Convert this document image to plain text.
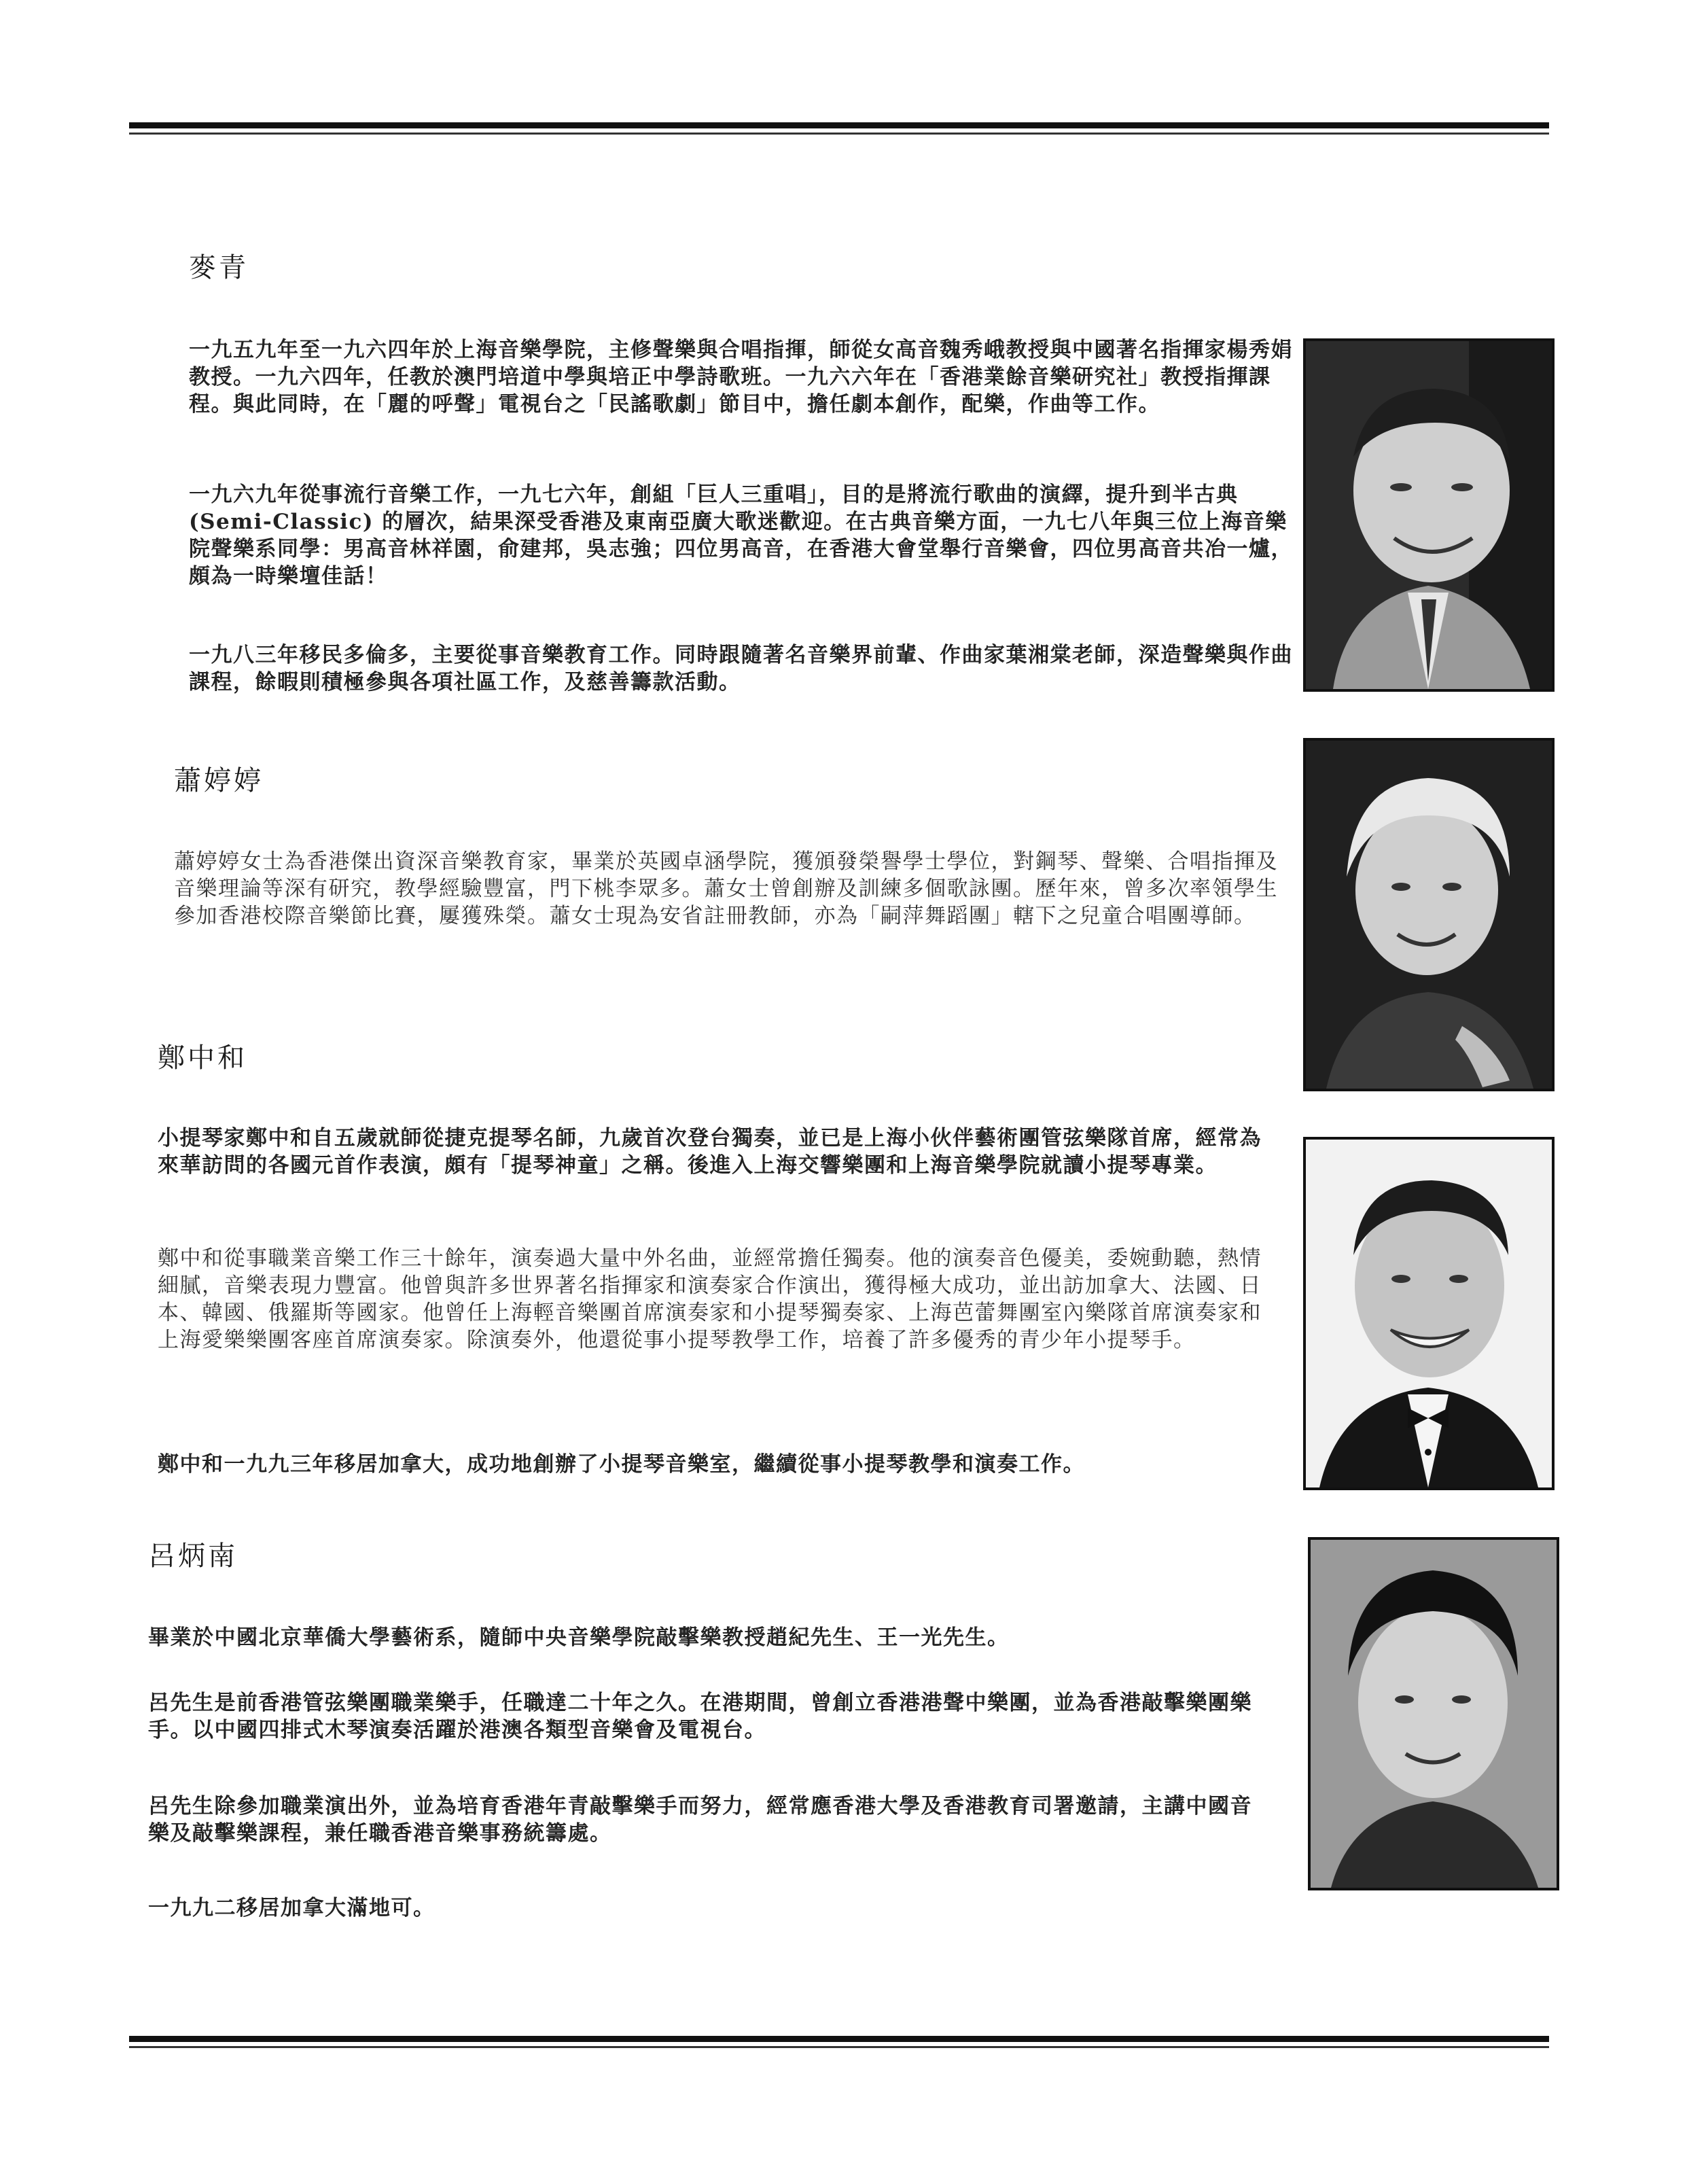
麥青

一九五九年至一九六四年於上海音樂學院，主修聲樂與合唱指揮，師從女高音魏秀峨教授與中國著名指揮家楊秀娟教授。一九六四年，任教於澳門培道中學與培正中學詩歌班。一九六六年在「香港業餘音樂研究社」教授指揮課程。與此同時，在「麗的呼聲」電視台之「民謠歌劇」節目中，擔任劇本創作，配樂，作曲等工作。

一九六九年從事流行音樂工作，一九七六年，創組「巨人三重唱」，目的是將流行歌曲的演繹，提升到半古典(Semi-Classic) 的層次，結果深受香港及東南亞廣大歌迷歡迎。在古典音樂方面，一九七八年與三位上海音樂院聲樂系同學：男高音林祥園，俞建邦，吳志強；四位男高音，在香港大會堂舉行音樂會，四位男高音共冶一爐，頗為一時樂壇佳話！

一九八三年移民多倫多，主要從事音樂教育工作。同時跟隨著名音樂界前輩、作曲家葉湘棠老師，深造聲樂與作曲課程，餘暇則積極參與各項社區工作，及慈善籌款活動。

蕭婷婷

蕭婷婷女士為香港傑出資深音樂教育家，畢業於英國卓涵學院，獲頒發榮譽學士學位，對鋼琴、聲樂、合唱指揮及音樂理論等深有研究，教學經驗豐富，門下桃李眾多。蕭女士曾創辦及訓練多個歌詠團。歷年來，曾多次率領學生參加香港校際音樂節比賽，屢獲殊榮。蕭女士現為安省註冊教師，亦為「嗣萍舞蹈團」轄下之兒童合唱團導師。

鄭中和

小提琴家鄭中和自五歲就師從捷克提琴名師，九歲首次登台獨奏，並已是上海小伙伴藝術團管弦樂隊首席，經常為來華訪問的各國元首作表演，頗有「提琴神童」之稱。後進入上海交響樂團和上海音樂學院就讀小提琴專業。

鄭中和從事職業音樂工作三十餘年，演奏過大量中外名曲，並經常擔任獨奏。他的演奏音色優美，委婉動聽，熱情細膩，音樂表現力豐富。他曾與許多世界著名指揮家和演奏家合作演出，獲得極大成功，並出訪加拿大、法國、日本、韓國、俄羅斯等國家。他曾任上海輕音樂團首席演奏家和小提琴獨奏家、上海芭蕾舞團室內樂隊首席演奏家和上海愛樂樂團客座首席演奏家。除演奏外，他還從事小提琴教學工作，培養了許多優秀的青少年小提琴手。

鄭中和一九九三年移居加拿大，成功地創辦了小提琴音樂室，繼續從事小提琴教學和演奏工作。

呂炳南

畢業於中國北京華僑大學藝術系，隨師中央音樂學院敲擊樂教授趙紀先生、王一光先生。

呂先生是前香港管弦樂團職業樂手，任職達二十年之久。在港期間，曾創立香港港聲中樂團，並為香港敲擊樂團樂手。以中國四排式木琴演奏活躍於港澳各類型音樂會及電視台。

呂先生除參加職業演出外，並為培育香港年青敲擊樂手而努力，經常應香港大學及香港教育司署邀請，主講中國音樂及敲擊樂課程，兼任職香港音樂事務統籌處。

一九九二移居加拿大滿地可。
